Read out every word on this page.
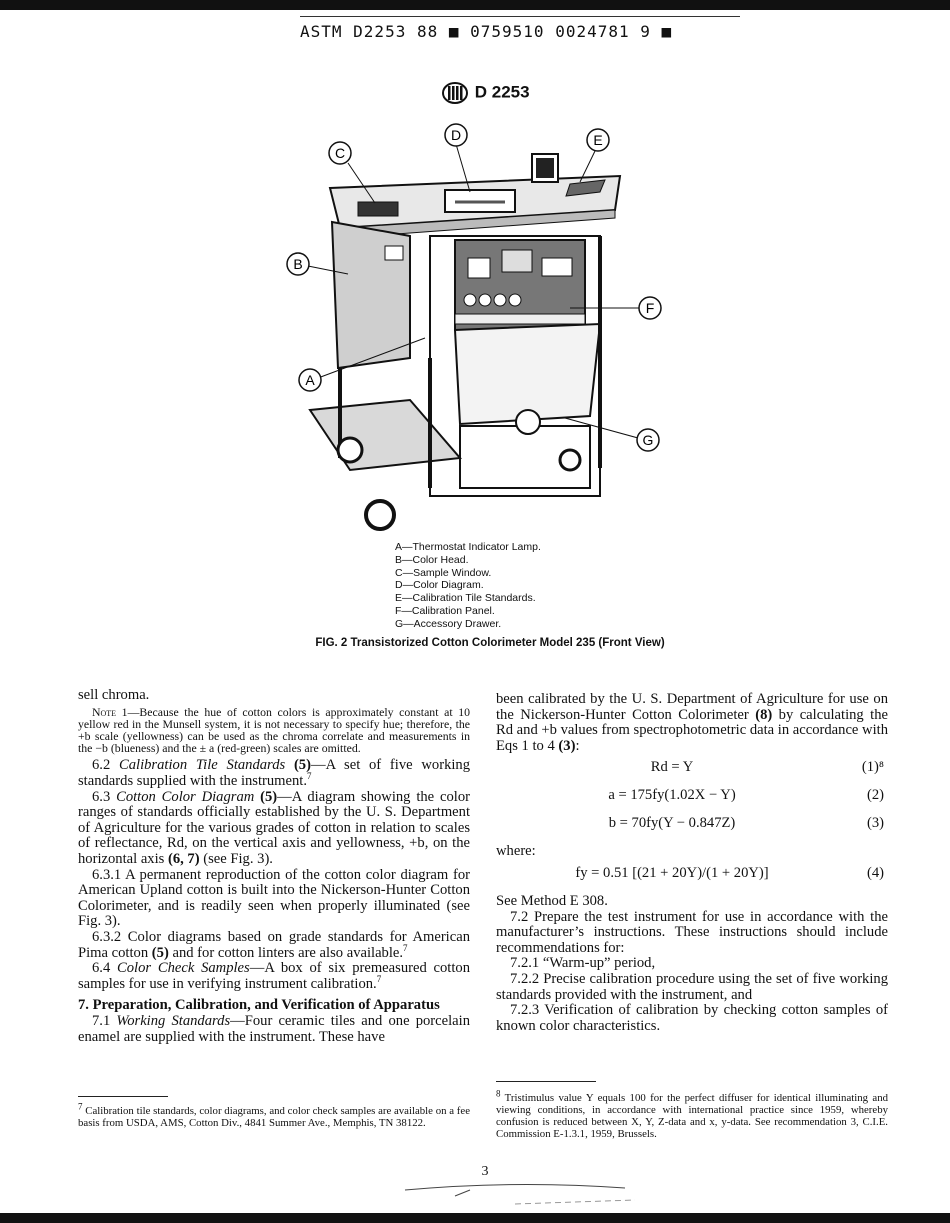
ASTM D2253 88 ■ 0759510 0024781 9 ■
D 2253
C
D	E
B
F
A
G
A—Thermostat Indicator Lamp.
B—Color Head.
C—Sample Window.
D—Color Diagram.
E—Calibration Tile Standards.
F—Calibration Panel.
G—Accessory Drawer.
FIG. 2 Transistorized Cotton Colorimeter Model 235 (Front View)

sell chroma.

Note 1—Because the hue of cotton colors is approximately constant at 10 yellow red in the Munsell system, it is not necessary to specify hue; therefore, the +b scale (yellowness) can be used as the chroma correlate and measurements in the −b (blueness) and the ± a (red-green) scales are omitted.

6.2 Calibration Tile Standards (5)—A set of five working standards supplied with the instrument.$^7$

6.3 Cotton Color Diagram (5)—A diagram showing the color ranges of standards officially established by the U. S. Department of Agriculture for the various grades of cotton in relation to scales of reflectance, Rd, on the vertical axis and yellowness, +b, on the horizontal axis (6, 7) (see Fig. 3).

6.3.1 A permanent reproduction of the cotton color diagram for American Upland cotton is built into the Nickerson-Hunter Cotton Colorimeter, and is readily seen when properly illuminated (see Fig. 3).

6.3.2 Color diagrams based on grade standards for American Pima cotton (5) and for cotton linters are also available.$^7$

6.4 Color Check Samples—A box of six premeasured cotton samples for use in verifying instrument calibration.$^7$

7. Preparation, Calibration, and Verification of Apparatus

7.1 Working Standards—Four ceramic tiles and one porcelain enamel are supplied with the instrument. These have

been calibrated by the U. S. Department of Agriculture for use on the Nickerson-Hunter Cotton Colorimeter (8) by calculating the Rd and +b values from spectrophotometric data in accordance with Eqs 1 to 4 (3):

Rd = Y	(1)⁸
a = 175fy(1.02X − Y)	(2)
b = 70fy(Y − 0.847Z)	(3)

where:

fy = 0.51 [(21 + 20Y)/(1 + 20Y)]	(4)

See Method E 308.

7.2 Prepare the test instrument for use in accordance with the manufacturer’s instructions. These instructions should include recommendations for:

7.2.1 “Warm-up” period,

7.2.2 Precise calibration procedure using the set of five working standards provided with the instrument, and

7.2.3 Verification of calibration by checking cotton samples of known color characteristics.

$^7$ Calibration tile standards, color diagrams, and color check samples are available on a fee basis from USDA, AMS, Cotton Div., 4841 Summer Ave., Memphis, TN 38122.
$^8$ Tristimulus value Y equals 100 for the perfect diffuser for identical illuminating and viewing conditions, in accordance with international practice since 1959, whereby confusion is reduced between X, Y, Z-data and x, y-data. See recommendation 3, C.I.E. Commission E-1.3.1, 1959, Brussels.
3
